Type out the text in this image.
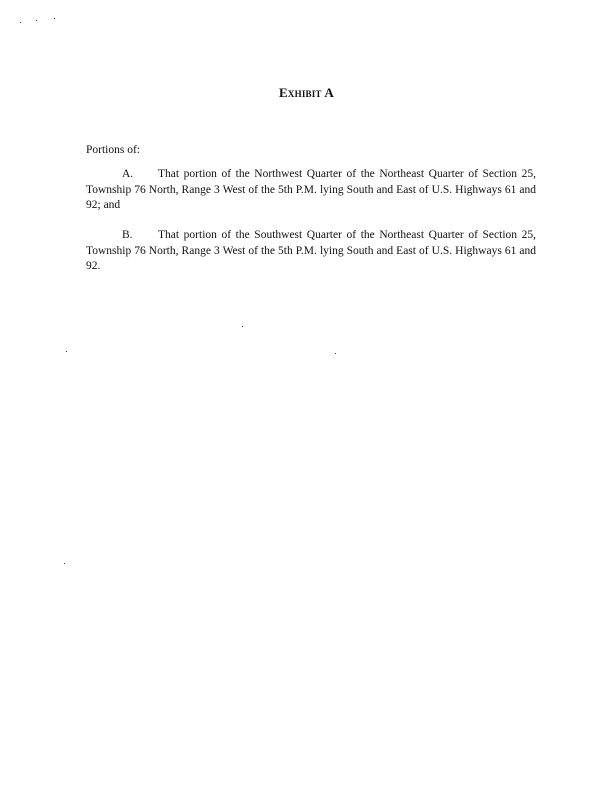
Exhibit A
Portions of:
A. That portion of the Northwest Quarter of the Northeast Quarter of Section 25, Township 76 North, Range 3 West of the 5th P.M. lying South and East of U.S. Highways 61 and 92; and
B. That portion of the Southwest Quarter of the Northeast Quarter of Section 25, Township 76 North, Range 3 West of the 5th P.M. lying South and East of U.S. Highways 61 and 92.
